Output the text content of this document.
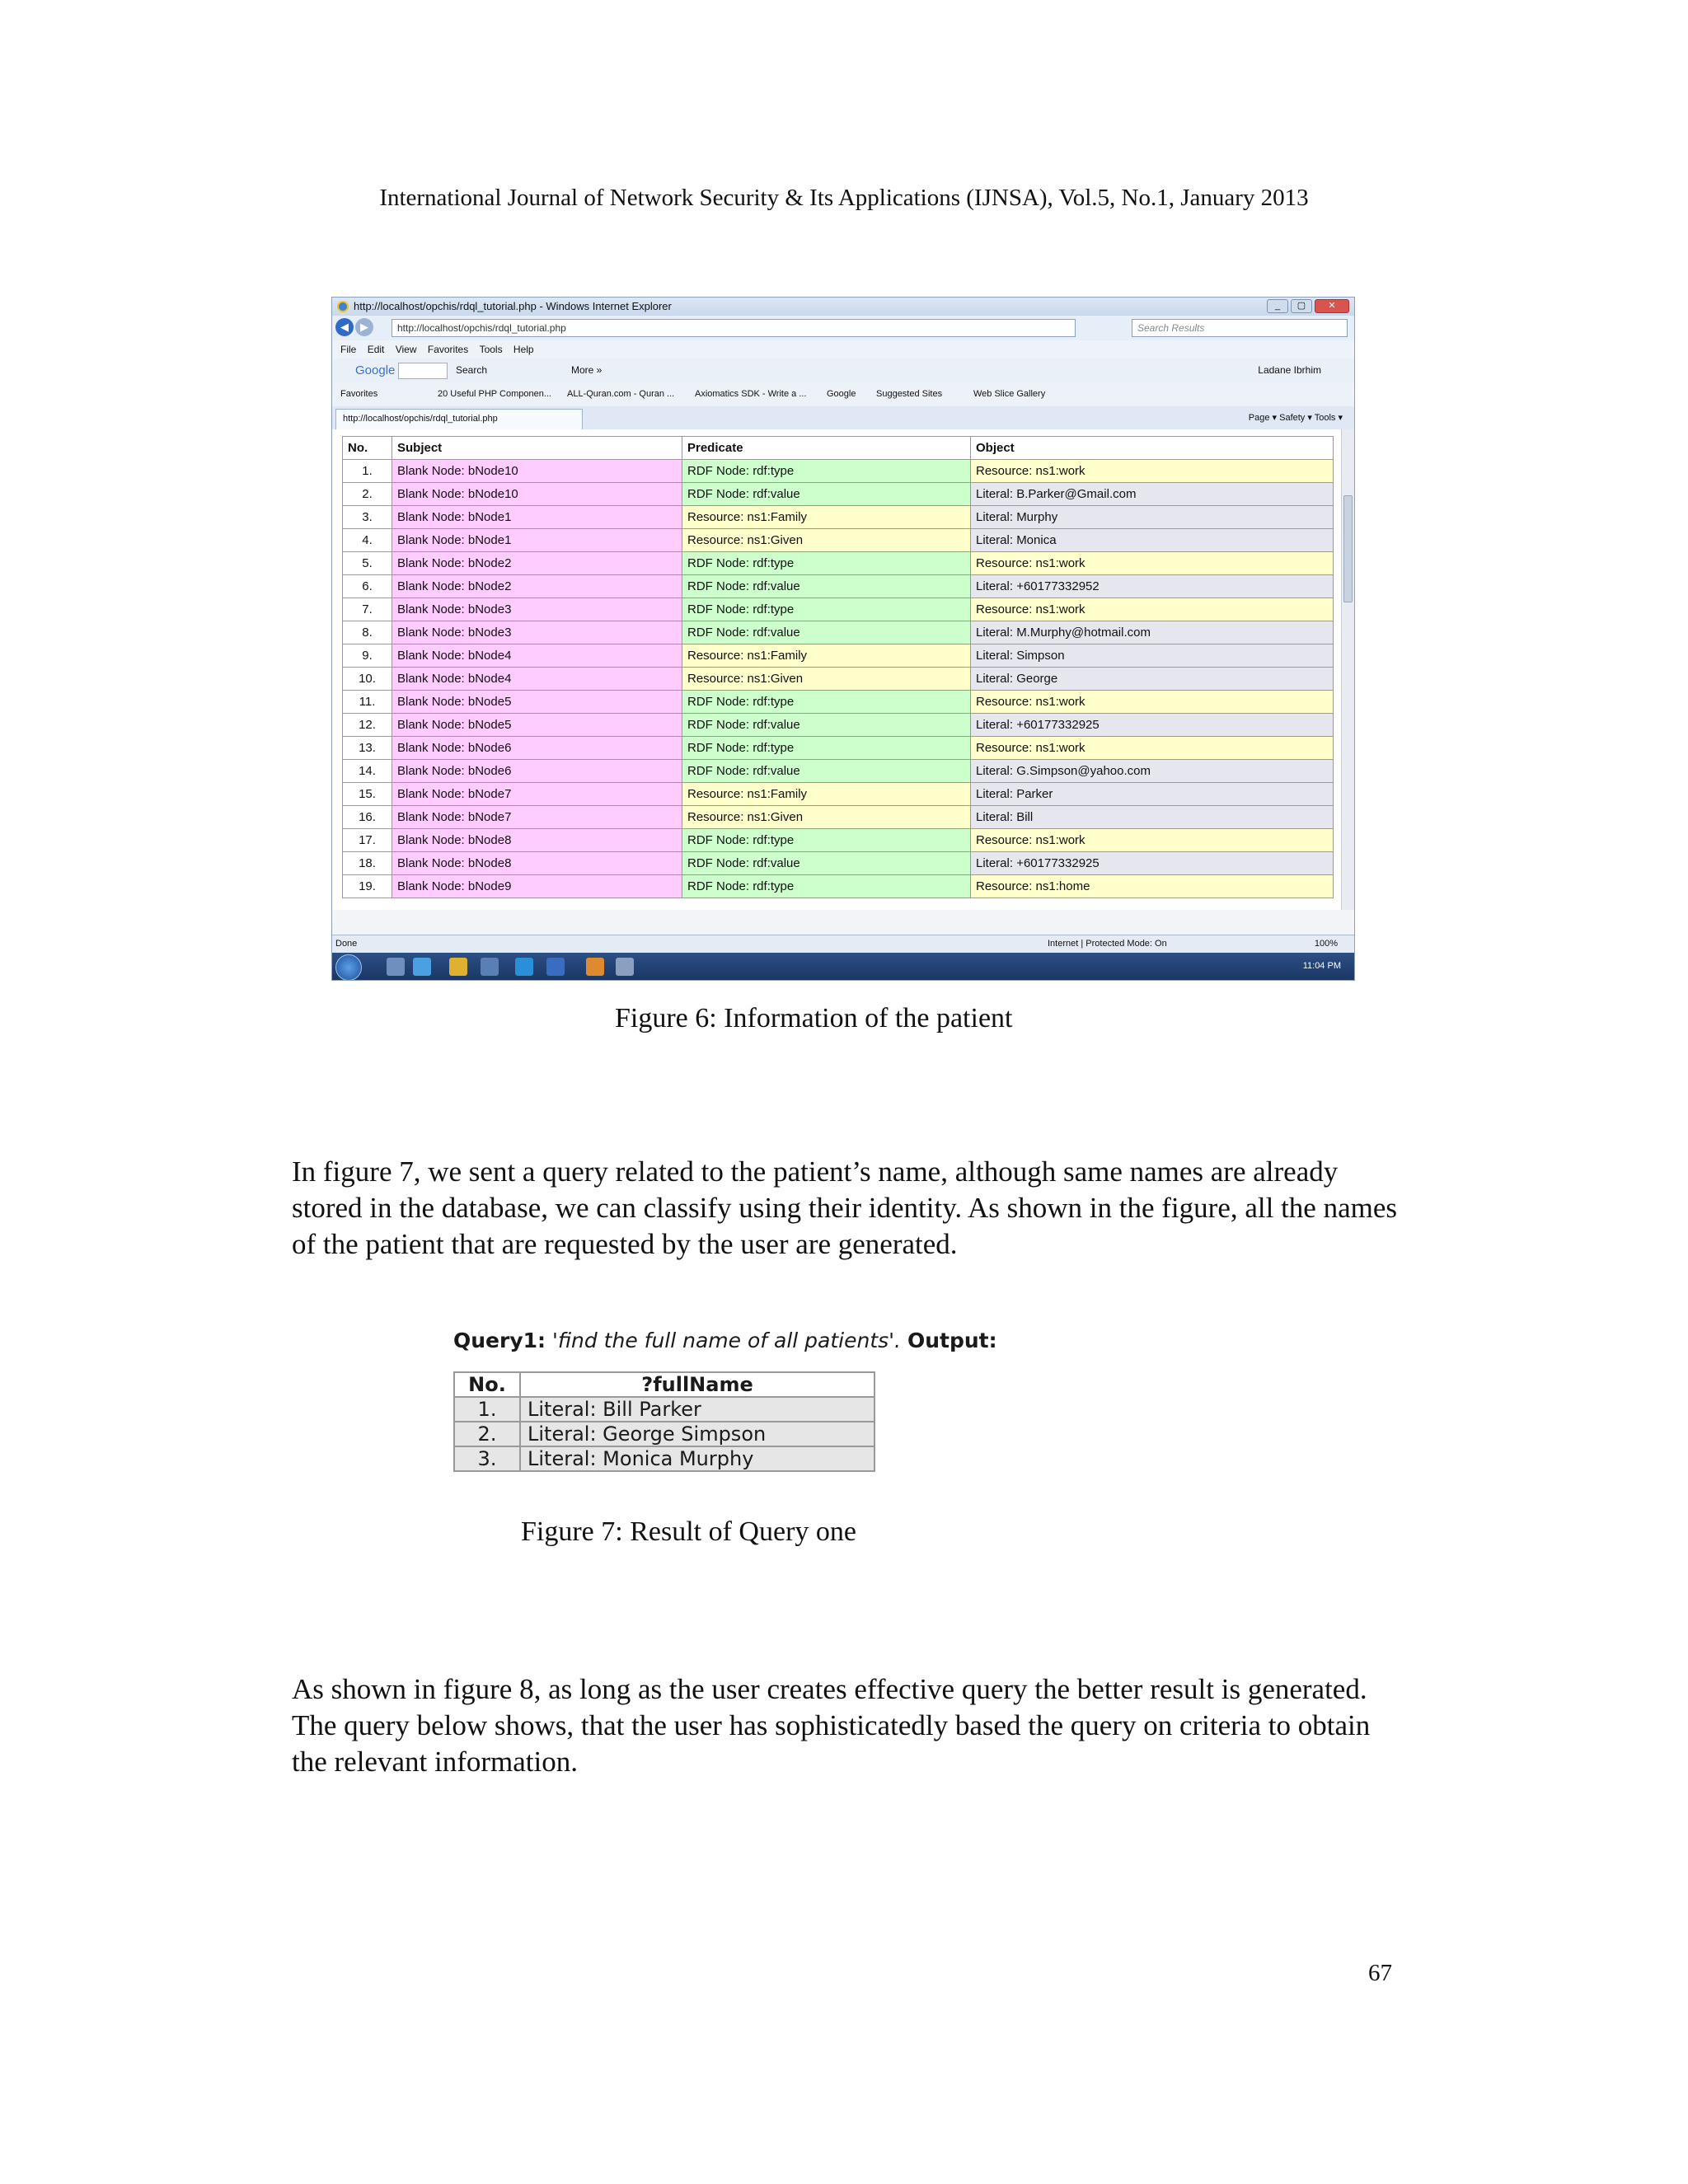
International Journal of Network Security & Its Applications (IJNSA), Vol.5, No.1, January 2013
http://localhost/opchis/rdql_tutorial.php - Windows Internet Explorer	_	▢	✕
◀	▶	http://localhost/opchis/rdql_tutorial.php	Search Results
File Edit View Favorites Tools Help
Google	Search	More »	Ladane Ibrhim
Favorites	20 Useful PHP Componen... ALL-Quran.com - Quran ... Axiomatics SDK - Write a ... Google Suggested Sites	Web Slice Gallery
http://localhost/opchis/rdql_tutorial.php	Page ▾ Safety ▾ Tools ▾
No.	Subject	Predicate	Object
1.	Blank Node: bNode10	RDF Node: rdf:type	Resource: ns1:work
2.	Blank Node: bNode10	RDF Node: rdf:value	Literal: B.Parker@Gmail.com
3.	Blank Node: bNode1	Resource: ns1:Family	Literal: Murphy
4.	Blank Node: bNode1	Resource: ns1:Given	Literal: Monica
5.	Blank Node: bNode2	RDF Node: rdf:type	Resource: ns1:work
6.	Blank Node: bNode2	RDF Node: rdf:value	Literal: +60177332952
7.	Blank Node: bNode3	RDF Node: rdf:type	Resource: ns1:work
8.	Blank Node: bNode3	RDF Node: rdf:value	Literal: M.Murphy@hotmail.com
9.	Blank Node: bNode4	Resource: ns1:Family	Literal: Simpson
10.	Blank Node: bNode4	Resource: ns1:Given	Literal: George
11.	Blank Node: bNode5	RDF Node: rdf:type	Resource: ns1:work
12.	Blank Node: bNode5	RDF Node: rdf:value	Literal: +60177332925
13.	Blank Node: bNode6	RDF Node: rdf:type	Resource: ns1:work
14.	Blank Node: bNode6	RDF Node: rdf:value	Literal: G.Simpson@yahoo.com
15.	Blank Node: bNode7	Resource: ns1:Family	Literal: Parker
16.	Blank Node: bNode7	Resource: ns1:Given	Literal: Bill
17.	Blank Node: bNode8	RDF Node: rdf:type	Resource: ns1:work
18.	Blank Node: bNode8	RDF Node: rdf:value	Literal: +60177332925
19.	Blank Node: bNode9	RDF Node: rdf:type	Resource: ns1:home
Done	Internet | Protected Mode: On	100%
11:04 PM
Figure 6: Information of the patient
In figure 7, we sent a query related to the patient’s name, although same names are already stored in the database, we can classify using their identity. As shown in the figure, all the names of the patient that are requested by the user are generated.
Query1: 'find the full name of all patients'. Output:
No.	?fullName
1.	Literal: Bill Parker
2.	Literal: George Simpson
3.	Literal: Monica Murphy
Figure 7: Result of Query one
As shown in figure 8, as long as the user creates effective query the better result is generated. The query below shows, that the user has sophisticatedly based the query on criteria to obtain the relevant information.
67
